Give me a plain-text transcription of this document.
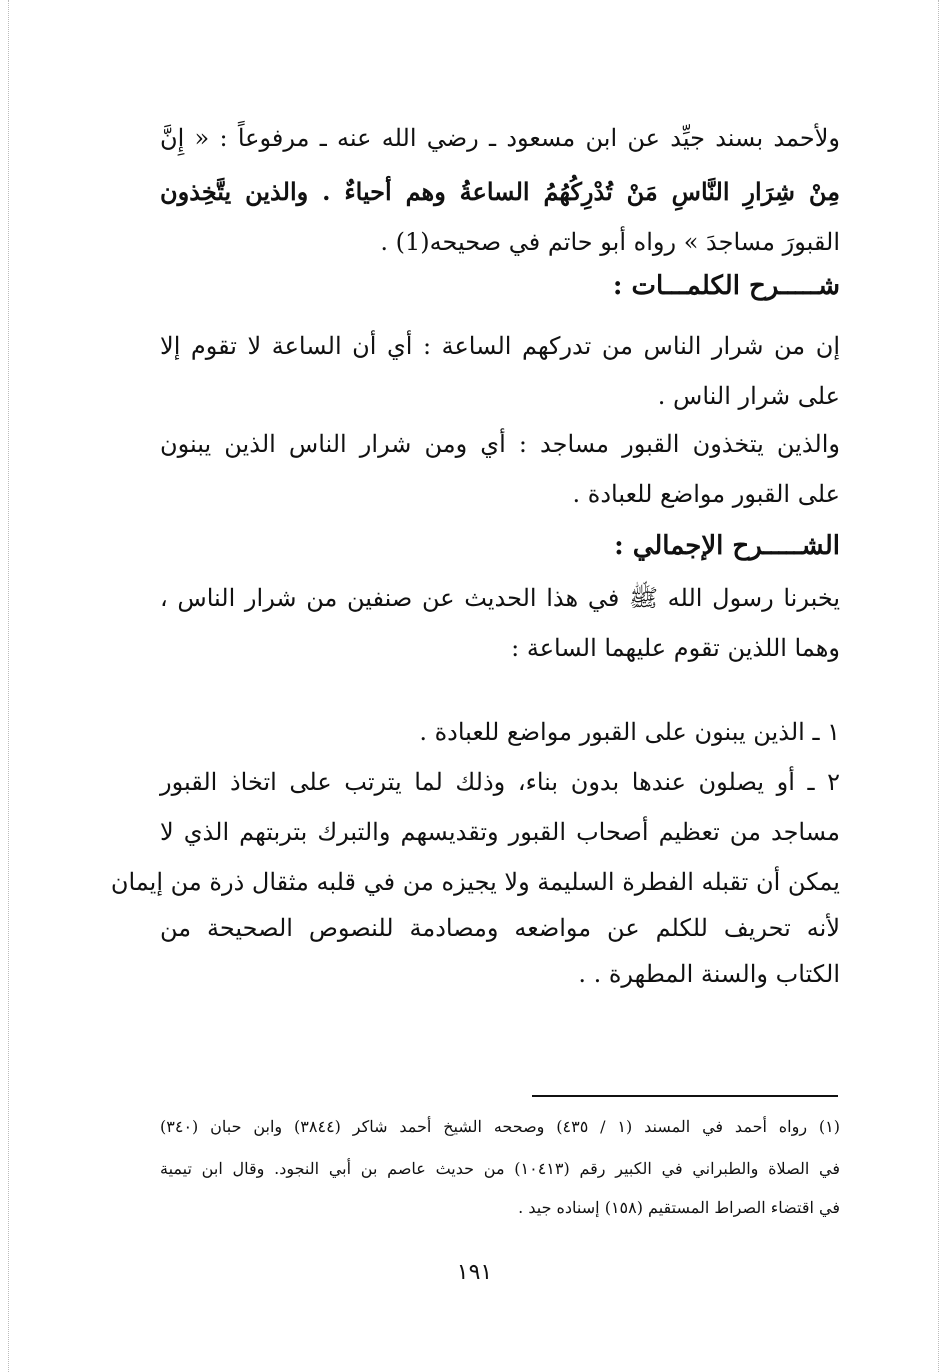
ولأحمد بسند جيِّد عن ابن مسعود ـ رضي الله عنه ـ مرفوعاً : « إِنَّ
مِنْ شِرَارِ النَّاسِ مَنْ تُدْرِكُهُمُ الساعةُ وهم أحياءٌ . والذين يتَّخِذون
القبورَ مساجدَ » رواه أبو حاتم في صحيحه(1) .
شـــــرح الكلمـــات :
إن من شرار الناس من تدركهم الساعة : أي أن الساعة لا تقوم إلا
على شرار الناس .
والذين يتخذون القبور مساجد : أي ومن شرار الناس الذين يبنون
على القبور مواضع للعبادة .
الشـــــرح الإجمالي :
يخبرنا رسول الله ﷺ في هذا الحديث عن صنفين من شرار الناس ،
وهما اللذين تقوم عليهما الساعة :
١ ـ الذين يبنون على القبور مواضع للعبادة .
٢ ـ أو يصلون عندها بدون بناء، وذلك لما يترتب على اتخاذ القبور
مساجد من تعظيم أصحاب القبور وتقديسهم والتبرك بتربتهم الذي لا
يمكن أن تقبله الفطرة السليمة ولا يجيزه من في قلبه مثقال ذرة من إيمان
لأنه تحريف للكلم عن مواضعه ومصادمة للنصوص الصحيحة من
الكتاب والسنة المطهرة . .
(١) رواه أحمد في المسند (١ / ٤٣٥) وصححه الشيخ أحمد شاكر (٣٨٤٤) وابن حبان (٣٤٠)
في الصلاة والطبراني في الكبير رقم (١٠٤١٣) من حديث عاصم بن أبي النجود. وقال ابن تيمية
في اقتضاء الصراط المستقيم (١٥٨) إسناده جيد .
١٩١
